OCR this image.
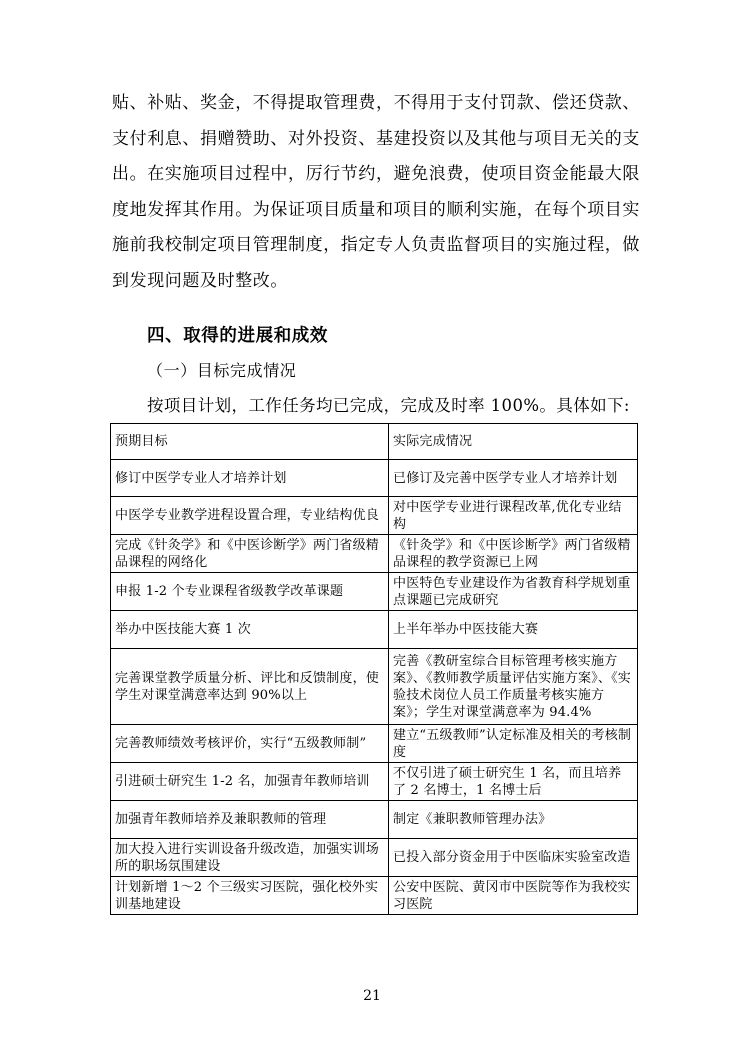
贴、补贴、奖金，不得提取管理费，不得用于支付罚款、偿还贷款、
支付利息、捐赠赞助、对外投资、基建投资以及其他与项目无关的支
出。在实施项目过程中，厉行节约，避免浪费，使项目资金能最大限
度地发挥其作用。为保证项目质量和项目的顺利实施，在每个项目实
施前我校制定项目管理制度，指定专人负责监督项目的实施过程，做
到发现问题及时整改。
四、取得的进展和成效
（一）目标完成情况
按项目计划，工作任务均已完成，完成及时率 100%。具体如下:
预期目标	实际完成情况
修订中医学专业人才培养计划	已修订及完善中医学专业人才培养计划
中医学专业教学进程设置合理，专业结构优良	对中医学专业进行课程改革,优化专业结构
完成《针灸学》和《中医诊断学》两门省级精品课程的网络化	《针灸学》和《中医诊断学》两门省级精品课程的教学资源已上网
申报 1-2 个专业课程省级教学改革课题	中医特色专业建设作为省教育科学规划重点课题已完成研究
举办中医技能大赛 1 次	上半年举办中医技能大赛
完善课堂教学质量分析、评比和反馈制度，使学生对课堂满意率达到 90%以上	完善《教研室综合目标管理考核实施方案》、《教师教学质量评估实施方案》、《实验技术岗位人员工作质量考核实施方案》；学生对课堂满意率为 94.4%
完善教师绩效考核评价，实行“五级教师制”	建立“五级教师”认定标准及相关的考核制度
引进硕士研究生 1-2 名，加强青年教师培训	不仅引进了硕士研究生 1 名，而且培养了 2 名博士，1 名博士后
加强青年教师培养及兼职教师的管理	制定《兼职教师管理办法》
加大投入进行实训设备升级改造，加强实训场所的职场氛围建设	已投入部分资金用于中医临床实验室改造
计划新增 1～2 个三级实习医院，强化校外实训基地建设	公安中医院、黄冈市中医院等作为我校实习医院
21
